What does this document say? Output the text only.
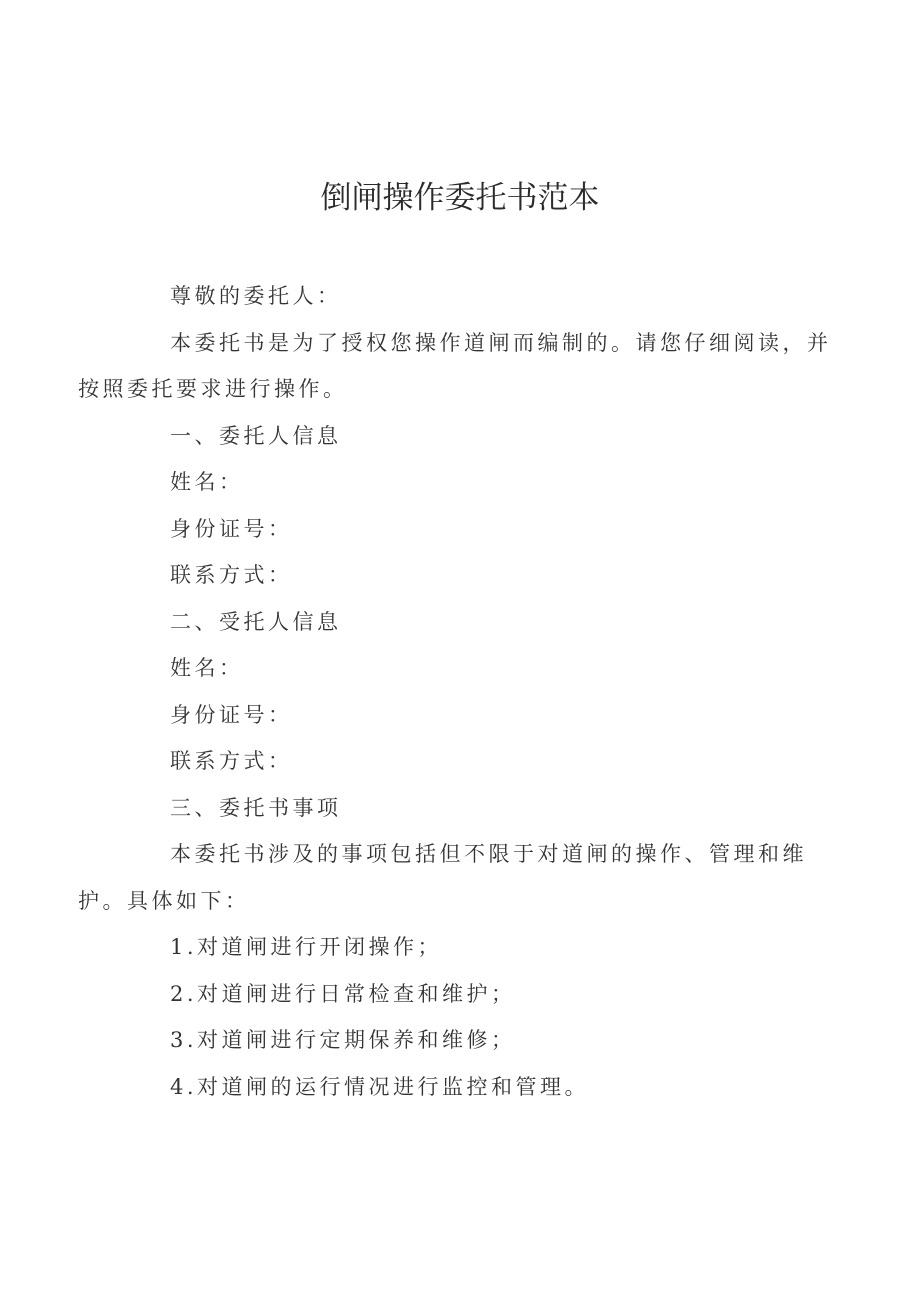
倒闸操作委托书范本

尊敬的委托人：

本委托书是为了授权您操作道闸而编制的。请您仔细阅读，并
按照委托要求进行操作。

一、委托人信息

姓名：

身份证号：

联系方式：

二、受托人信息

姓名：

身份证号：

联系方式：

三、委托书事项

本委托书涉及的事项包括但不限于对道闸的操作、管理和维
护。具体如下：

1.对道闸进行开闭操作；

2.对道闸进行日常检查和维护；

3.对道闸进行定期保养和维修；

4.对道闸的运行情况进行监控和管理。
